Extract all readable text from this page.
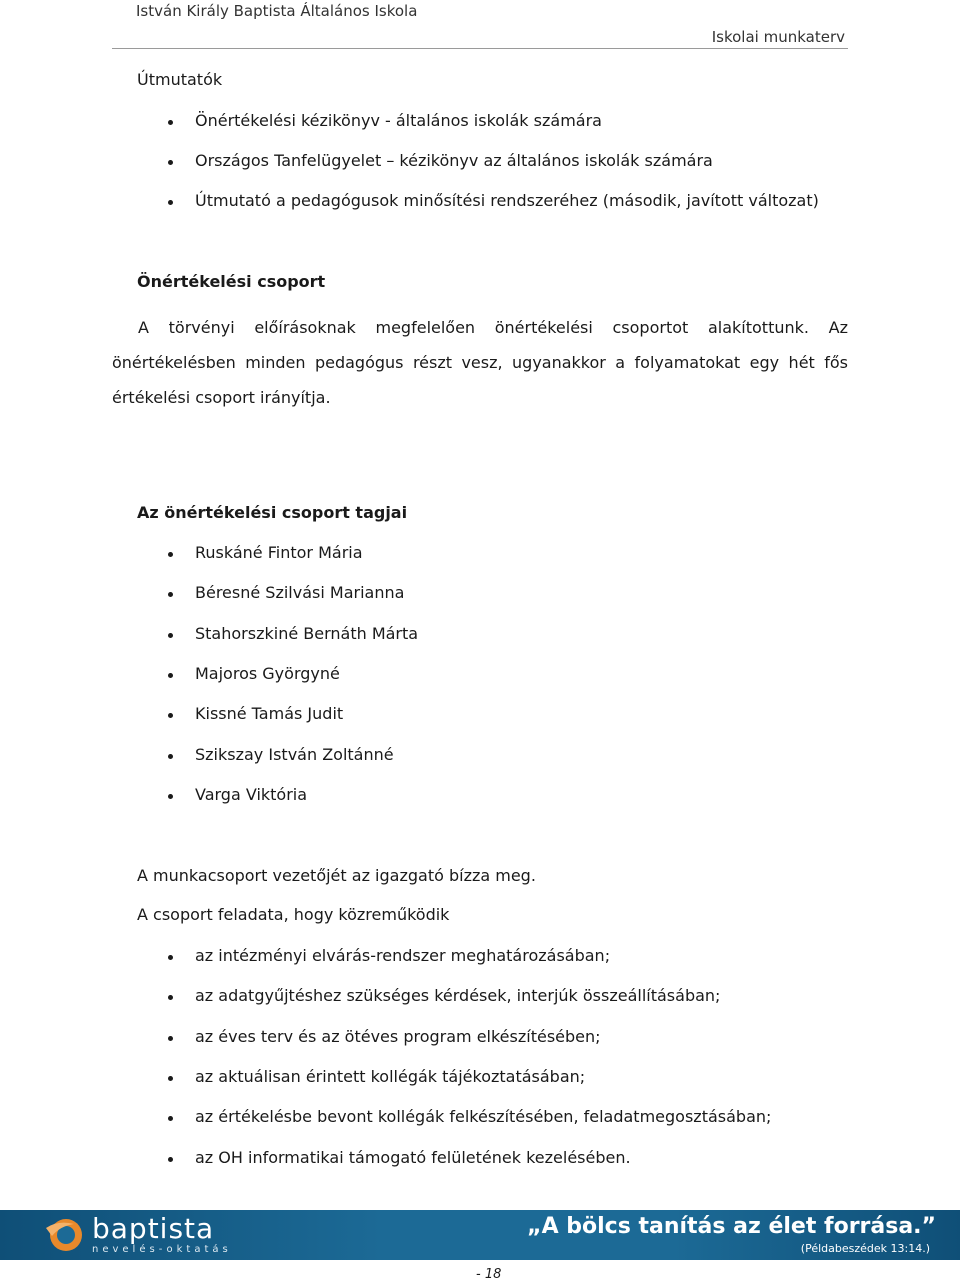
István Király Baptista Általános Iskola
Iskolai munkaterv
Útmutatók
Önértékelési kézikönyv - általános iskolák számára
Országos Tanfelügyelet – kézikönyv az általános iskolák számára
Útmutató a pedagógusok minősítési rendszeréhez (második, javított változat)
Önértékelési csoport
A törvényi előírásoknak megfelelően önértékelési csoportot alakítottunk. Az önértékelésben minden pedagógus részt vesz, ugyanakkor a folyamatokat egy hét fős értékelési csoport irányítja.
Az önértékelési csoport tagjai
Ruskáné Fintor Mária
Béresné Szilvási Marianna
Stahorszkiné Bernáth Márta
Majoros Györgyné
Kissné Tamás Judit
Szikszay István Zoltánné
Varga Viktória
A munkacsoport vezetőjét az igazgató bízza meg.
A csoport feladata, hogy közreműködik
az intézményi elvárás-rendszer meghatározásában;
az adatgyűjtéshez szükséges kérdések, interjúk összeállításában;
az éves terv és az ötéves program elkészítésében;
az aktuálisan érintett kollégák tájékoztatásában;
az értékelésbe bevont kollégák felkészítésében, feladatmegosztásában;
az OH informatikai támogató felületének kezelésében.
baptista
nevelés-oktatás
„A bölcs tanítás az élet forrása.”
(Példabeszédek 13:14.)
- 18
